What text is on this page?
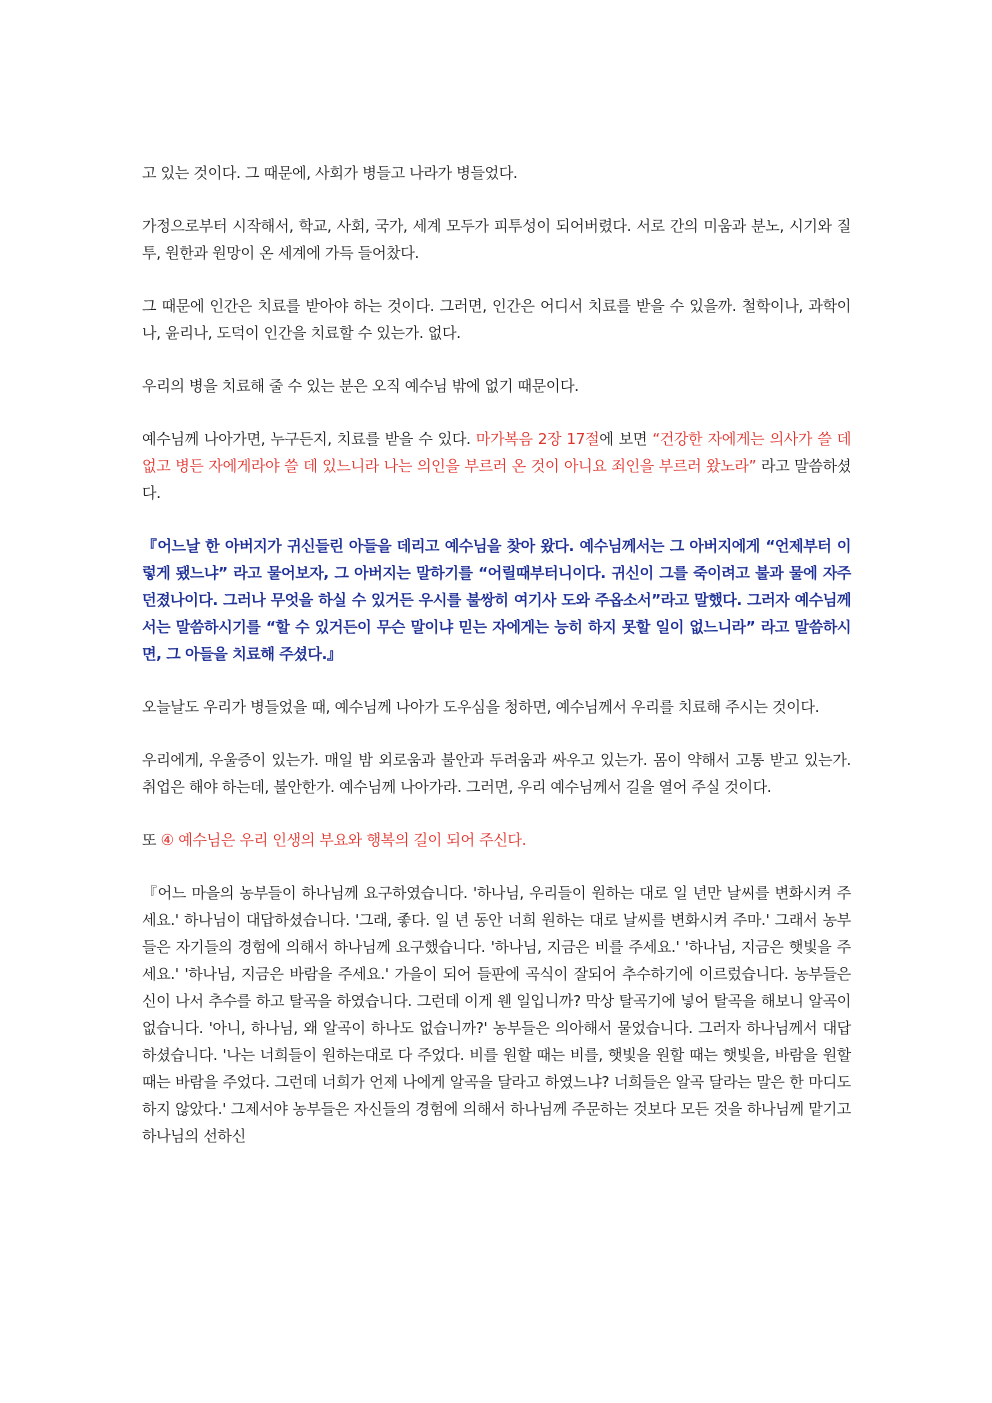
고 있는 것이다. 그 때문에, 사회가 병들고 나라가 병들었다.

가정으로부터 시작해서, 학교, 사회, 국가, 세계 모두가 피투성이 되어버렸다. 서로 간의 미움과 분노, 시기와 질투, 원한과 원망이 온 세계에 가득 들어찼다.

그 때문에 인간은 치료를 받아야 하는 것이다. 그러면, 인간은 어디서 치료를 받을 수 있을까. 철학이나, 과학이나, 윤리나, 도덕이 인간을 치료할 수 있는가. 없다.

우리의 병을 치료해 줄 수 있는 분은 오직 예수님 밖에 없기 때문이다.

예수님께 나아가면, 누구든지, 치료를 받을 수 있다. 마가복음 2장 17절에 보면 “건강한 자에게는 의사가 쓸 데 없고 병든 자에게라야 쓸 데 있느니라 나는 의인을 부르러 온 것이 아니요 죄인을 부르러 왔노라” 라고 말씀하셨다.

『어느날 한 아버지가 귀신들린 아들을 데리고 예수님을 찾아 왔다. 예수님께서는 그 아버지에게 “언제부터 이렇게 됐느냐” 라고 물어보자, 그 아버지는 말하기를 “어릴때부터니이다. 귀신이 그를 죽이려고 불과 물에 자주 던졌나이다. 그러나 무엇을 하실 수 있거든 우시를 불쌍히 여기사 도와 주옵소서”라고 말했다. 그러자 예수님께서는 말씀하시기를 “할 수 있거든이 무슨 말이냐 믿는 자에게는 능히 하지 못할 일이 없느니라” 라고 말씀하시면, 그 아들을 치료해 주셨다.』

오늘날도 우리가 병들었을 때, 예수님께 나아가 도우심을 청하면, 예수님께서 우리를 치료해 주시는 것이다.

우리에게, 우울증이 있는가. 매일 밤 외로움과 불안과 두려움과 싸우고 있는가. 몸이 약해서 고통 받고 있는가. 취업은 해야 하는데, 불안한가. 예수님께 나아가라. 그러면, 우리 예수님께서 길을 열어 주실 것이다.

또 ④ 예수님은 우리 인생의 부요와 행복의 길이 되어 주신다.

『어느 마을의 농부들이 하나님께 요구하였습니다. '하나님, 우리들이 원하는 대로 일 년만 날씨를 변화시켜 주세요.' 하나님이 대답하셨습니다. '그래, 좋다. 일 년 동안 너희 원하는 대로 날씨를 변화시켜 주마.' 그래서 농부들은 자기들의 경험에 의해서 하나님께 요구했습니다. '하나님, 지금은 비를 주세요.' '하나님, 지금은 햇빛을 주세요.' '하나님, 지금은 바람을 주세요.' 가을이 되어 들판에 곡식이 잘되어 추수하기에 이르렀습니다. 농부들은 신이 나서 추수를 하고 탈곡을 하였습니다. 그런데 이게 웬 일입니까? 막상 탈곡기에 넣어 탈곡을 해보니 알곡이 없습니다. '아니, 하나님, 왜 알곡이 하나도 없습니까?' 농부들은 의아해서 물었습니다. 그러자 하나님께서 대답하셨습니다. '나는 너희들이 원하는대로 다 주었다. 비를 원할 때는 비를, 햇빛을 원할 때는 햇빛을, 바람을 원할 때는 바람을 주었다. 그런데 너희가 언제 나에게 알곡을 달라고 하였느냐? 너희들은 알곡 달라는 말은 한 마디도 하지 않았다.' 그제서야 농부들은 자신들의 경험에 의해서 하나님께 주문하는 것보다 모든 것을 하나님께 맡기고 하나님의 선하신
